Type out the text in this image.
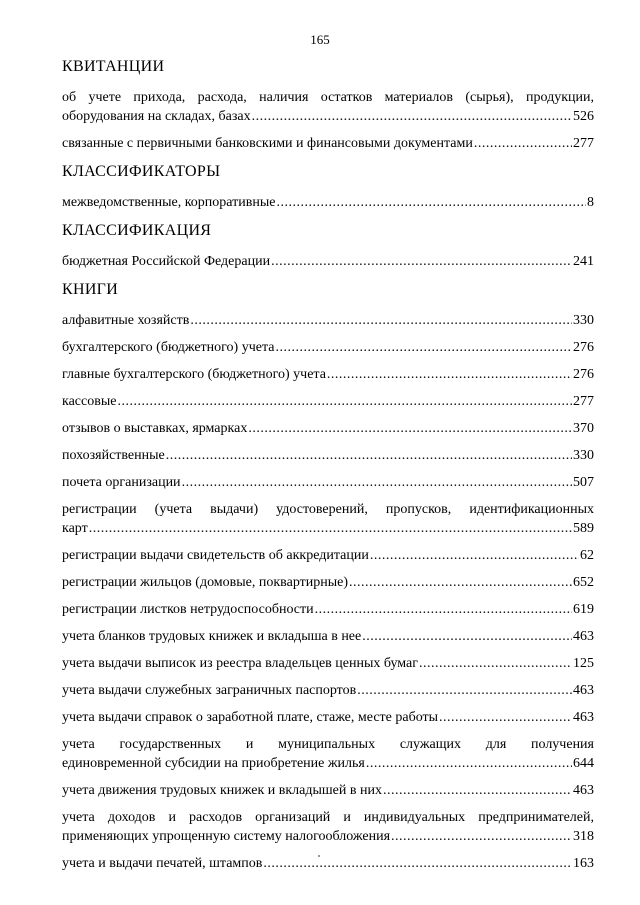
165
КВИТАНЦИИ
об учете прихода, расхода, наличия остатков материалов (сырья), продукции,
оборудования на складах, базах .....	526
связанные с первичными банковскими и финансовыми документами .....	277
КЛАССИФИКАТОРЫ
межведомственные, корпоративные .....	8
КЛАССИФИКАЦИЯ
бюджетная Российской Федерации .....	241
КНИГИ
алфавитные хозяйств .....	330
бухгалтерского (бюджетного) учета .....	276
главные бухгалтерского (бюджетного) учета .....	276
кассовые .....	277
отзывов о выставках, ярмарках .....	370
похозяйственные .....	330
почета организации .....	507
регистрации (учета выдачи) удостоверений, пропусков, идентификационных
карт .....	589
регистрации выдачи свидетельств об аккредитации .....	62
регистрации жильцов (домовые, поквартирные) .....	652
регистрации листков нетрудоспособности .....	619
учета бланков трудовых книжек и вкладыша в нее .....	463
учета выдачи выписок из реестра владельцев ценных бумаг .....	125
учета выдачи служебных заграничных паспортов .....	463
учета выдачи справок о заработной плате, стаже, месте работы .....	463
учета государственных и муниципальных служащих для получения
единовременной субсидии на приобретение жилья .....	644
учета движения трудовых книжек и вкладышей в них .....	463
учета доходов и расходов организаций и индивидуальных предпринимателей,
применяющих упрощенную систему налогообложения .....	318
учета и выдачи печатей, штампов .....	163
